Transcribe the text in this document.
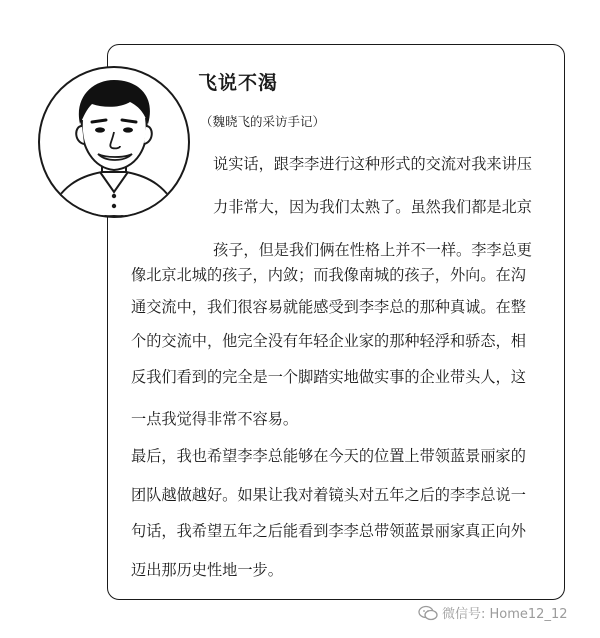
飞说不渴
（魏晓飞的采访手记）
说实话，跟李李进行这种形式的交流对我来讲压
力非常大，因为我们太熟了。虽然我们都是北京
孩子，但是我们俩在性格上并不一样。李李总更
像北京北城的孩子，内敛；而我像南城的孩子，外向。在沟
通交流中，我们很容易就能感受到李李总的那种真诚。在整
个的交流中，他完全没有年轻企业家的那种轻浮和骄态，相
反我们看到的完全是一个脚踏实地做实事的企业带头人，这
一点我觉得非常不容易。
最后，我也希望李李总能够在今天的位置上带领蓝景丽家的
团队越做越好。如果让我对着镜头对五年之后的李李总说一
句话，我希望五年之后能看到李李总带领蓝景丽家真正向外
迈出那历史性地一步。
微信号: Home12_12
